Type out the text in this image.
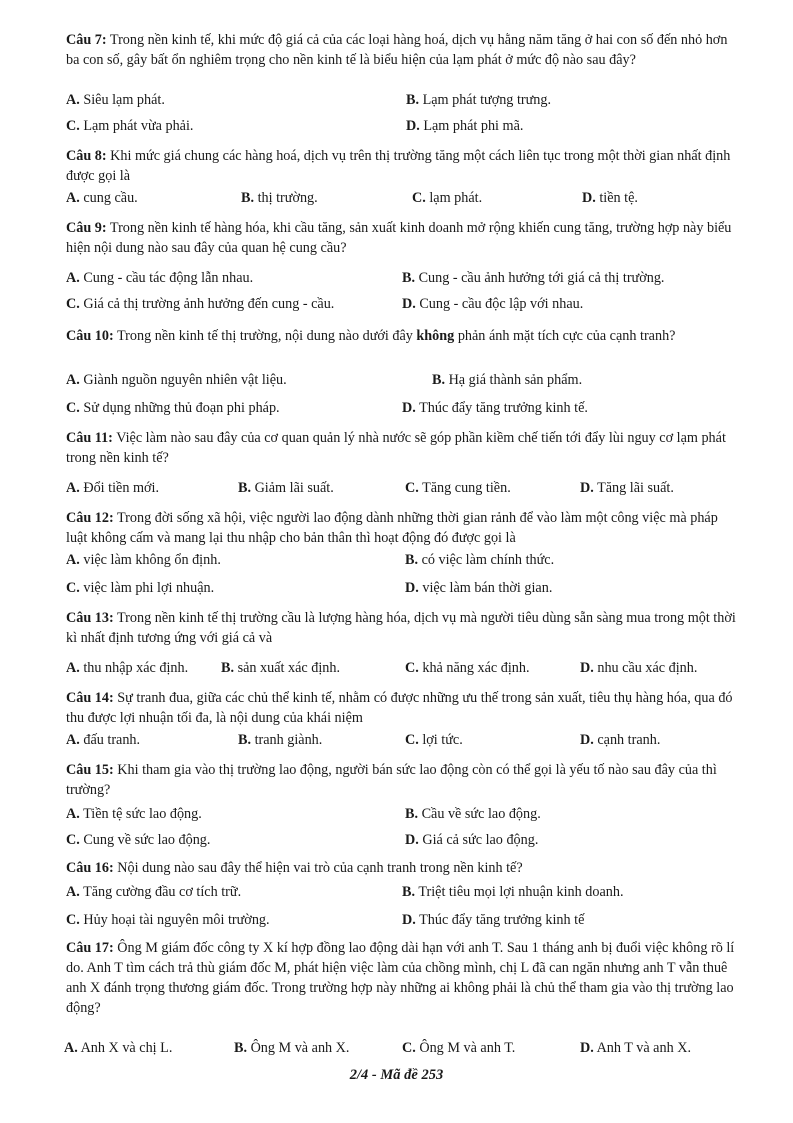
Câu 7: Trong nền kinh tế, khi mức độ giá cả của các loại hàng hoá, dịch vụ hằng năm tăng ở hai con số đến nhỏ hơn ba con số, gây bất ổn nghiêm trọng cho nền kinh tế là biểu hiện của lạm phát ở mức độ nào sau đây?
A. Siêu lạm phát.	B. Lạm phát tượng trưng.
C. Lạm phát vừa phải.	D. Lạm phát phi mã.
Câu 8: Khi mức giá chung các hàng hoá, dịch vụ trên thị trường tăng một cách liên tục trong một thời gian nhất định được gọi là
A. cung cầu.	B. thị trường.	C. lạm phát.	D. tiền tệ.
Câu 9: Trong nền kinh tế hàng hóa, khi cầu tăng, sản xuất kinh doanh mở rộng khiến cung tăng, trường hợp này biểu hiện nội dung nào sau đây của quan hệ cung cầu?
A. Cung - cầu tác động lẫn nhau.	B. Cung - cầu ảnh hưởng tới giá cả thị trường.
C. Giá cả thị trường ảnh hưởng đến cung - cầu.	D. Cung - cầu độc lập với nhau.
Câu 10: Trong nền kinh tế thị trường, nội dung nào dưới đây không phản ánh mặt tích cực của cạnh tranh?
A. Giành nguồn nguyên nhiên vật liệu.	B. Hạ giá thành sản phẩm.
C. Sử dụng những thủ đoạn phi pháp.	D. Thúc đẩy tăng trưởng kinh tế.
Câu 11: Việc làm nào sau đây của cơ quan quản lý nhà nước sẽ góp phần kiềm chế tiến tới đẩy lùi nguy cơ lạm phát trong nền kinh tế?
A. Đổi tiền mới.	B. Giảm lãi suất.	C. Tăng cung tiền.	D. Tăng lãi suất.
Câu 12: Trong đời sống xã hội, việc người lao động dành những thời gian rảnh để vào làm một công việc mà pháp luật không cấm và mang lại thu nhập cho bản thân thì hoạt động đó được gọi là
A. việc làm không ổn định.	B. có việc làm chính thức.
C. việc làm phi lợi nhuận.	D. việc làm bán thời gian.
Câu 13: Trong nền kinh tế thị trường cầu là lượng hàng hóa, dịch vụ mà người tiêu dùng sẵn sàng mua trong một thời kì nhất định tương ứng với giá cả và
A. thu nhập xác định. B. sản xuất xác định.	C. khả năng xác định.	D. nhu cầu xác định.
Câu 14: Sự tranh đua, giữa các chủ thể kinh tế, nhằm có được những ưu thế trong sản xuất, tiêu thụ hàng hóa, qua đó thu được lợi nhuận tối đa, là nội dung của khái niệm
A. đấu tranh.	B. tranh giành.	C. lợi tức.	D. cạnh tranh.
Câu 15: Khi tham gia vào thị trường lao động, người bán sức lao động còn có thể gọi là yếu tố nào sau đây của thì trường?
A. Tiền tệ sức lao động.	B. Cầu về sức lao động.
C. Cung về sức lao động.	D. Giá cả sức lao động.
Câu 16: Nội dung nào sau đây thể hiện vai trò của cạnh tranh trong nền kinh tế?
A. Tăng cường đầu cơ tích trữ.	B. Triệt tiêu mọi lợi nhuận kinh doanh.
C. Hủy hoại tài nguyên môi trường.	D. Thúc đẩy tăng trưởng kinh tế
Câu 17: Ông M giám đốc công ty X kí hợp đồng lao động dài hạn với anh T. Sau 1 tháng anh bị đuổi việc không rõ lí do. Anh T tìm cách trả thù giám đốc M, phát hiện việc làm của chồng mình, chị L đã can ngăn nhưng anh T vẫn thuê anh X đánh trọng thương giám đốc. Trong trường hợp này những ai không phải là chủ thể tham gia vào thị trường lao động?
A. Anh X và chị L.	B. Ông M và anh X.	C. Ông M và anh T.	D. Anh T và anh X.
2/4 - Mã đề 253
